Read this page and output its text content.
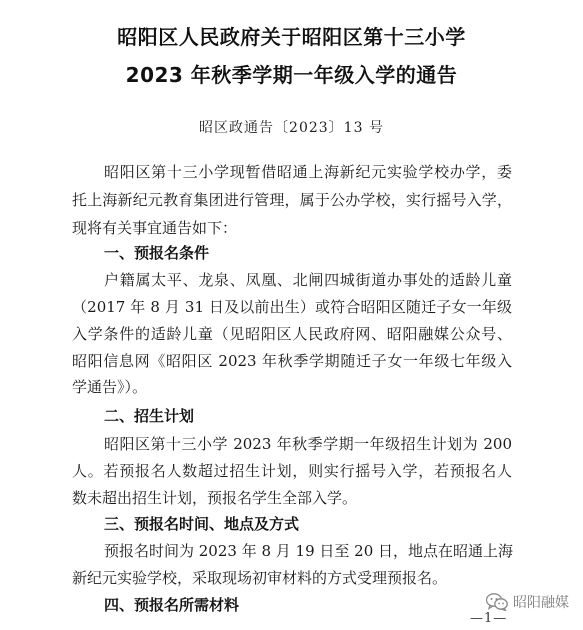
昭阳区人民政府关于昭阳区第十三小学
2023 年秋季学期一年级入学的通告
昭区政通告〔2023〕13 号
昭阳区第十三小学现暂借昭通上海新纪元实验学校办学，委
托上海新纪元教育集团进行管理，属于公办学校，实行摇号入学，
现将有关事宜通告如下：
一、预报名条件
户籍属太平、龙泉、凤凰、北闸四城街道办事处的适龄儿童
（2017 年 8 月 31 日及以前出生）或符合昭阳区随迁子女一年级
入学条件的适龄儿童（见昭阳区人民政府网、昭阳融媒公众号、
昭阳信息网《昭阳区 2023 年秋季学期随迁子女一年级七年级入
学通告》）。
二、招生计划
昭阳区第十三小学 2023 年秋季学期一年级招生计划为 200
人。若预报名人数超过招生计划，则实行摇号入学，若预报名人
数未超出招生计划，预报名学生全部入学。
三、预报名时间、地点及方式
预报名时间为 2023 年 8 月 19 日至 20 日，地点在昭通上海
新纪元实验学校，采取现场初审材料的方式受理预报名。
四、预报名所需材料
—1—
昭阳融媒
